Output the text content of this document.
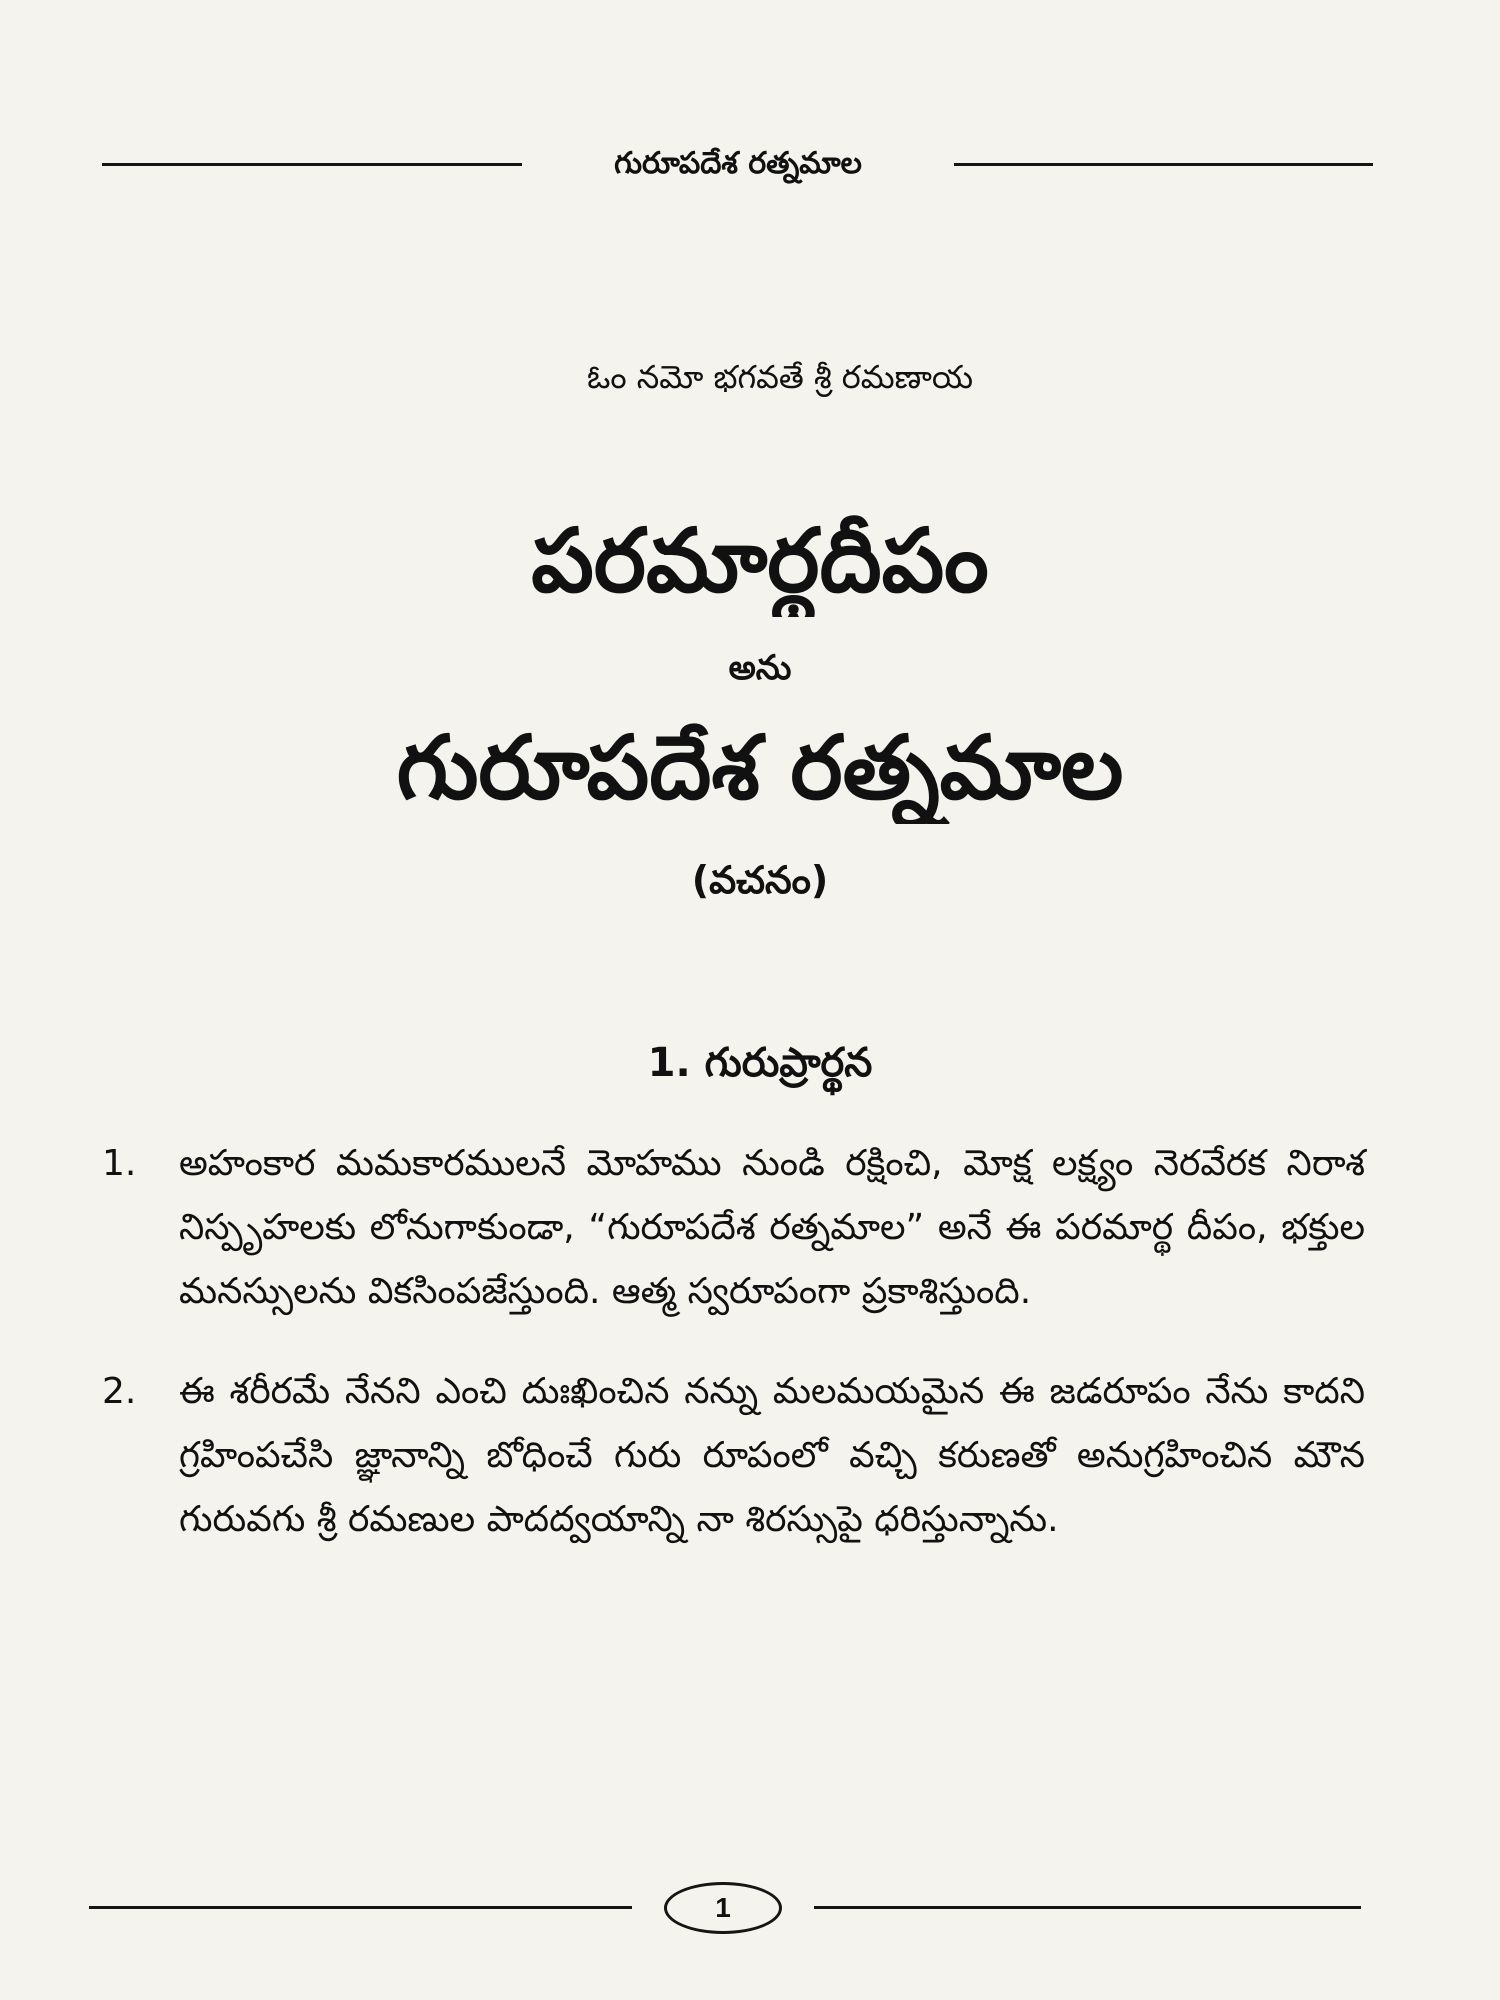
గురూపదేశ రత్నమాల
ఓం నమో భగవతే శ్రీ రమణాయ
పరమార్థదీపం
అను
గురూపదేశ రత్నమాల
(వచనం)
1. గురుప్రార్థన
1.	అహంకార మమకారములనే మోహము నుండి రక్షించి, మోక్ష లక్ష్యం నెరవేరక నిరాశ నిస్పృహలకు లోనుగాకుండా, “గురూపదేశ రత్నమాల” అనే ఈ పరమార్థ దీపం, భక్తుల మనస్సులను వికసింపజేస్తుంది. ఆత్మ స్వరూపంగా ప్రకాశిస్తుంది.
2.	ఈ శరీరమే నేనని ఎంచి దుఃఖించిన నన్ను మలమయమైన ఈ జడరూపం నేను కాదని గ్రహింపచేసి జ్ఞానాన్ని బోధించే గురు రూపంలో వచ్చి కరుణతో అనుగ్రహించిన మౌన గురువగు శ్రీ రమణుల పాదద్వయాన్ని నా శిరస్సుపై ధరిస్తున్నాను.
1
